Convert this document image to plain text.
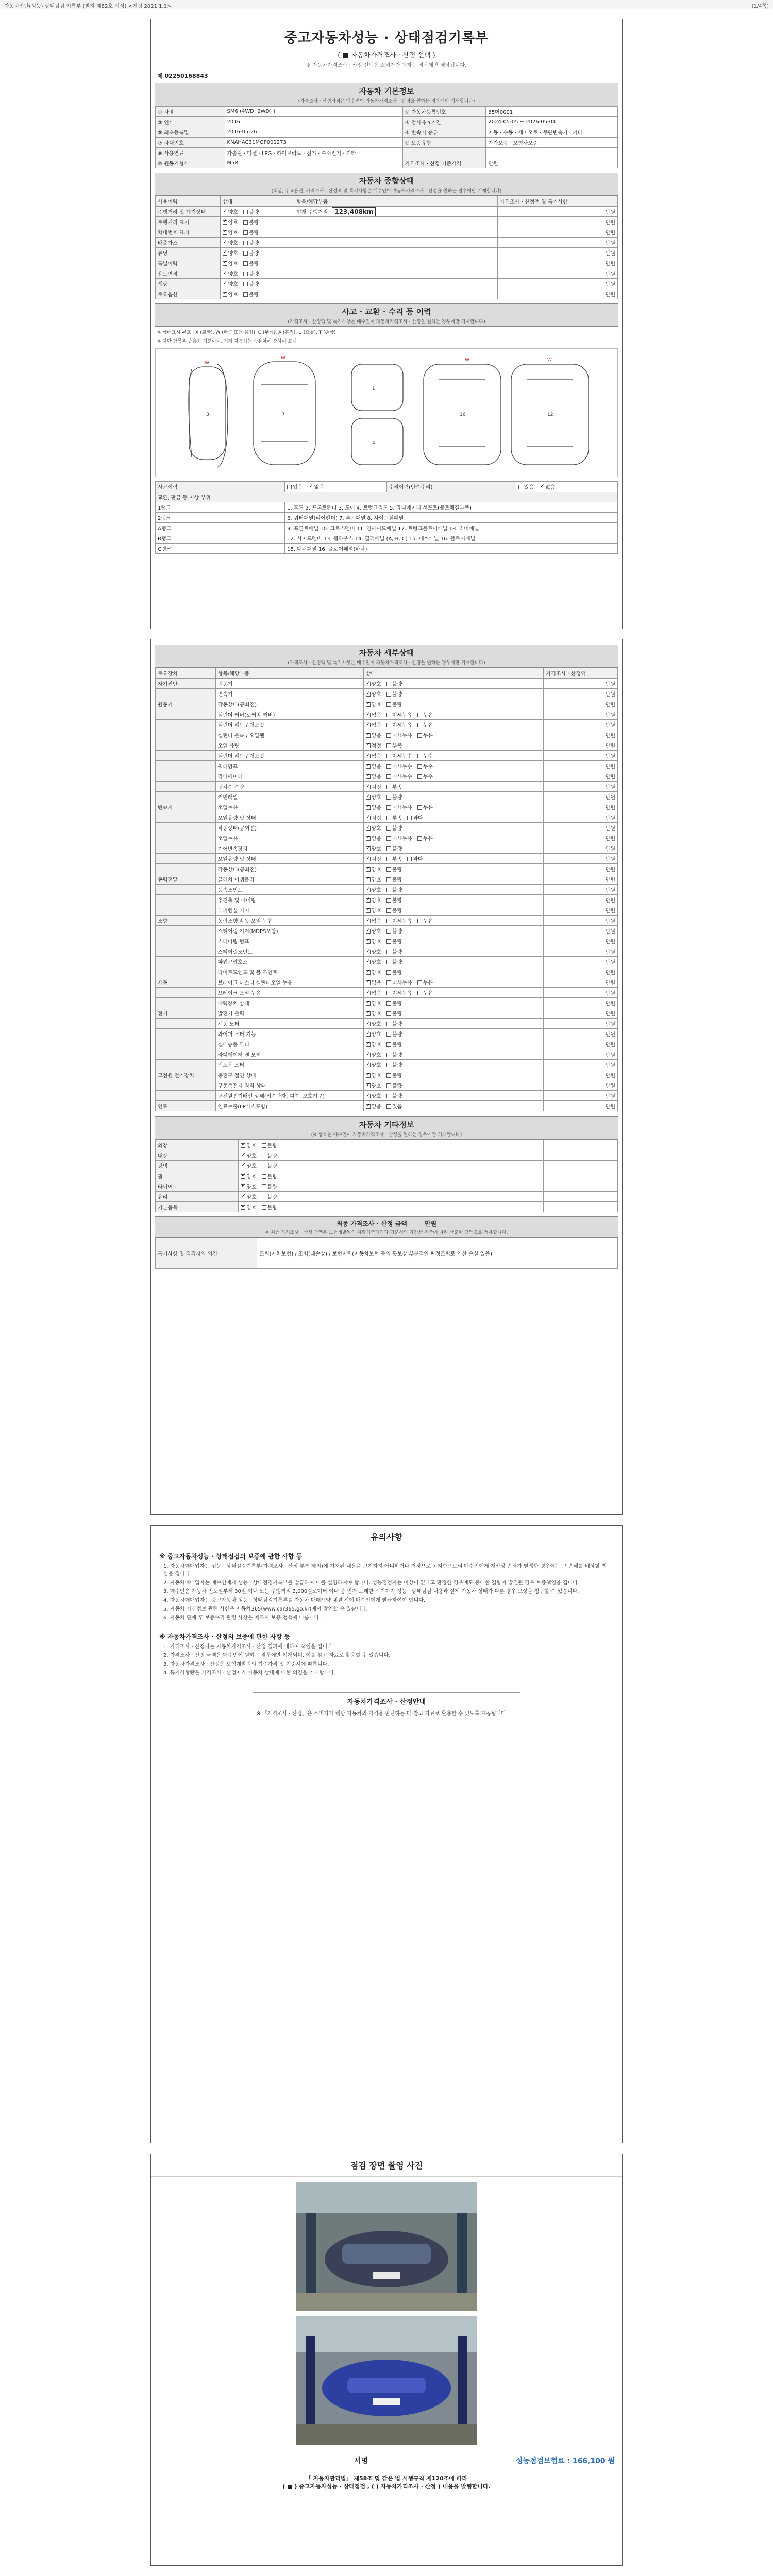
자동차진단(성능) 상태점검 기록부 (별지 제82호 서식) <개정 2021.1.1>	(1/4쪽)
중고자동차성능 · 상태점검기록부
( ■ 자동차가격조사 · 산정 선택 )
※ 자동차가격조사 · 산정 선택은 소비자가 원하는 경우에만 해당됩니다.
제 02250168843
자동차 기본정보
(가격조사 · 산정가격은 매수인이 자동차가격조사 · 산정을 원하는 경우에만 기재합니다)
① 차명	SM6 (4WD, 2WD) )	② 자동차등록번호	65머0001
③ 연식	2016	④ 검사유효기간	2024-05-05 ~ 2026-05-04
⑤ 최초등록일	2016-05-26	⑥ 변속기 종류	자동 · 수동 · 세미오토 · 무단변속기 · 기타
⑦ 차대번호	KNAHAC31MGP001273	⑧ 보증유형	자가보증 · 보험사보증
⑨ 사용연료	가솔린 · 디젤 · LPG · 하이브리드 · 전기 · 수소전기 · 기타		
⑩ 원동기형식	M5R	가격조사 · 산정 기준가격	만원
자동차 종합상태
(색상, 주요옵션, 가격조사 · 산정액 및 특기사항은 매수인이 자동차가격조사 · 산정을 원하는 경우에만 기재합니다)
사용이력	상태	항목/해당부품	가격조사 · 산정액 및 특기사항
주행거리 및 계기상태	✓양호 불량	현재 주행거리 123,408km	만원
주행거리 표시	✓양호 불량		만원
차대번호 표기	✓양호 불량		만원
배출가스	✓양호 불량		만원
튜닝	✓양호 불량		만원
특별이력	✓양호 불량		만원
용도변경	✓양호 불량		만원
색상	✓양호 불량		만원
주요옵션	✓양호 불량		만원
사고 · 교환 · 수리 등 이력
(가격조사 · 산정액 및 특기사항은 매수인이 자동차가격조사 · 산정을 원하는 경우에만 기재합니다)
※ 상태표시 부호 : X (교환), W (판금 또는 용접), C (부식), A (흠집), U (요철), T (손상)
※ 하단 항목은 승용차 기준이며, 기타 자동차는 승용차에 준하여 표시
W
W	W	W
3	7
1
4
16	12
사고이력	있음 ✓없음	수리이력(단순수리)	있음 ✓없음
교환, 판금 등 이상 부위			
1랭크	1. 후드 2. 프론트펜더 3. 도어 4. 트렁크리드 5. 라디에이터 서포트(볼트체결부품)		
2랭크	6. 쿼터패널(리어펜더) 7. 루프패널 8. 사이드실패널		
A랭크	9. 프론트패널 10. 크로스멤버 11. 인사이드패널 17. 트렁크플로어패널 18. 리어패널		
B랭크	12. 사이드멤버 13. 휠하우스 14. 필러패널 (A, B, C) 15. 대쉬패널 16. 플로어패널		
C랭크	15. 대쉬패널 16. 플로어패널(바닥)		
자동차 세부상태
(가격조사 · 산정액 및 특기사항은 매수인이 자동차가격조사 · 산정을 원하는 경우에만 기재합니다)
주요장치	항목/해당부품	상태	가격조사 · 산정액
자기진단	원동기	✓양호 불량	만원
	변속기	✓양호 불량	만원
원동기	작동상태(공회전)	✓양호 불량	만원
	실린더 커버(로커암 커버)	✓없음 미세누유 누유	만원
	실린더 헤드 / 개스킷	✓없음 미세누유 누유	만원
	실린더 블록 / 오일팬	✓없음 미세누유 누유	만원
	오일 유량	✓적정 부족	만원
	실린더 헤드 / 개스킷	✓없음 미세누수 누수	만원
	워터펌프	✓없음 미세누수 누수	만원
	라디에이터	✓없음 미세누수 누수	만원
	냉각수 수량	✓적정 부족	만원
	커먼레일	✓양호 불량	만원
변속기	오일누유	✓없음 미세누유 누유	만원
	오일유량 및 상태	✓적정 부족 과다	만원
	작동상태(공회전)	✓양호 불량	만원
	오일누유	✓없음 미세누유 누유	만원
	기어변속장치	✓양호 불량	만원
	오일유량 및 상태	✓적정 부족 과다	만원
	작동상태(공회전)	✓양호 불량	만원
동력전달	클러치 어셈블리	✓양호 불량	만원
	등속조인트	✓양호 불량	만원
	추진축 및 베어링	✓양호 불량	만원
	디퍼렌셜 기어	✓양호 불량	만원
조향	동력조향 작동 오일 누유	✓없음 미세누유 누유	만원
	스티어링 기어(MDPS포함)	✓양호 불량	만원
	스티어링 펌프	✓양호 불량	만원
	스티어링조인트	✓양호 불량	만원
	파워고압호스	✓양호 불량	만원
	타이로드엔드 및 볼 조인트	✓양호 불량	만원
제동	브레이크 마스터 실린더오일 누유	✓없음 미세누유 누유	만원
	브레이크 오일 누유	✓없음 미세누유 누유	만원
	배력장치 상태	✓양호 불량	만원
전기	발전기 출력	✓양호 불량	만원
	시동 모터	✓양호 불량	만원
	와이퍼 모터 기능	✓양호 불량	만원
	실내송풍 모터	✓양호 불량	만원
	라디에이터 팬 모터	✓양호 불량	만원
	윈도우 모터	✓양호 불량	만원
고전원 전기장치	충전구 절연 상태	✓양호 불량	만원
	구동축전지 격리 상태	✓양호 불량	만원
	고전원전기배선 상태(접속단자, 피복, 보호기구)	✓양호 불량	만원
연료	연료누출(LP가스포함)	✓없음 있음	만원
자동차 기타정보
(※ 항목은 매수인이 자동차가격조사 · 산정을 원하는 경우에만 기재합니다)
외장	✓양호 불량	
내장	✓양호 불량	
광택	✓양호 불량	
휠	✓양호 불량	
타이어	✓양호 불량	
유리	✓양호 불량	
기본품목	✓양호 불량	
최종 가격조사 · 산정 금액	만원
※ 최종 가격조사 · 산정 금액은 보험개발원의 차량기준가격과 기준서의 가감산 기준에 따라 산출한 금액으로 적용합니다.
특기사항 및 점검자의 의견	조회(자차보험) / 조회(대손상) / 보험이력(자동차보험 등의 통보상 부분적인 판정조회로 인한 손실 있음)
유의사항
※ 중고자동차성능 · 상태점검의 보증에 관한 사항 등
1. 자동차매매업자는 성능 · 상태점검기록부(가격조사 · 산정 부분 제외)에 기재된 내용을 고지하지 아니하거나 거짓으로 고지함으로써 매수인에게 재산상 손해가 발생한 경우에는 그 손해를 배상할 책임을 집니다.
2. 자동차매매업자는 매수인에게 성능 · 상태점검기록부를 발급하여 이를 설명하여야 합니다. 성능점검자는 이상이 없다고 판정한 경우에도 중대한 결함이 발견될 경우 보증책임을 집니다.
3. 매수인은 자동차 인도일부터 30일 이내 또는 주행거리 2,000킬로미터 이내 중 먼저 도래한 시기까지 성능 · 상태점검 내용과 실제 자동차 상태가 다른 경우 보상을 청구할 수 있습니다.
4. 자동차매매업자는 중고자동차 성능 · 상태점검기록부를 자동차 매매계약 체결 전에 매수인에게 발급하여야 합니다.
5. 자동차 자산정보 관련 사항은 자동차365(www.car365.go.kr)에서 확인할 수 있습니다.
6. 자동차 판매 후 보증수리 관련 사항은 제조사 보증 정책에 따릅니다.
※ 자동차가격조사 · 산정의 보증에 관한 사항 등
1. 가격조사 · 산정자는 자동차가격조사 · 산정 결과에 대하여 책임을 집니다.
2. 가격조사 · 산정 금액은 매수인이 원하는 경우에만 기재되며, 이를 참고 자료로 활용할 수 있습니다.
3. 자동차가격조사 · 산정은 보험개발원의 기준가격 및 기준서에 따릅니다.
4. 특기사항란은 가격조사 · 산정자가 자동차 상태에 대한 의견을 기재합니다.
자동차가격조사 · 산정안내
※ 「가격조사 · 산정」은 소비자가 해당 자동차의 가격을 판단하는 데 참고 자료로 활용할 수 있도록 제공됩니다.
점검 장면 촬영 사진
서명	성능점검보험료 : 166,100 원
「 자동차관리법」 제58조 및 같은 법 시행규칙 제120조에 따라
( ■ ) 중고자동차성능 · 상태점검 , ( ) 자동차가격조사 · 산정 ) 내용을 발행합니다.
